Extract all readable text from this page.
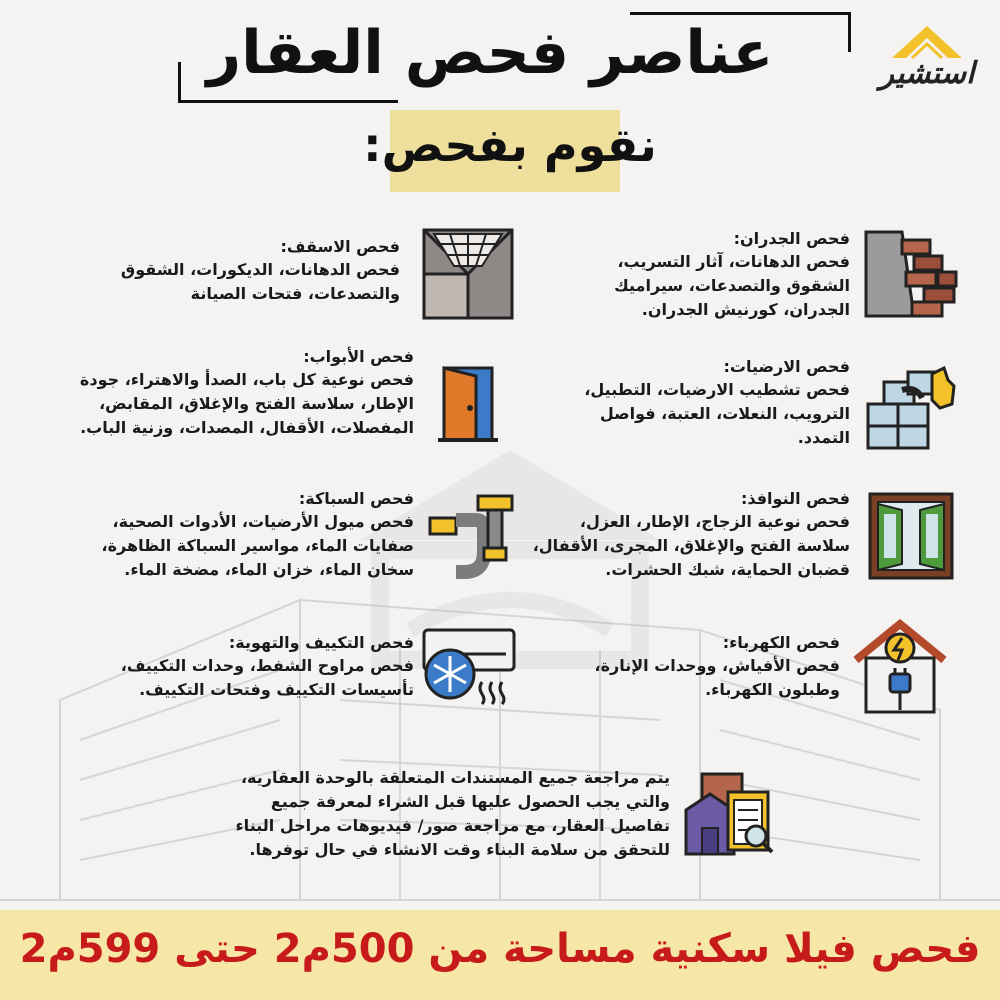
استشير
عناصر فحص العقار
نقوم بفحص:
فحص الجدران:
فحص الدهانات، آثار التسريب،
الشقوق والتصدعات، سيراميك
الجدران، كورنيش الجدران.
فحص الاسقف:
فحص الدهانات، الديكورات، الشقوق
والتصدعات، فتحات الصيانة
فحص الارضيات:
فحص تشطيب الارضيات، التطبيل،
الترويب، النعلات، العتبة، فواصل
التمدد.
فحص الأبواب:
فحص نوعية كل باب، الصدأ والاهتراء، جودة
الإطار، سلاسة الفتح والإغلاق، المقابض،
المفصلات، الأقفال، المصدات، وزنية الباب.
فحص النوافذ:
فحص نوعية الزجاج، الإطار، العزل،
سلاسة الفتح والإغلاق، المجرى، الأقفال،
قضبان الحماية، شبك الحشرات.
فحص السباكة:
فحص ميول الأرضيات، الأدوات الصحية،
صفايات الماء، مواسير السباكة الظاهرة،
سخان الماء، خزان الماء، مضخة الماء.
فحص الكهرباء:
فحص الأفياش، ووحدات الإنارة،
وطبلون الكهرباء.
فحص التكييف والتهوية:
فحص مراوح الشفط، وحدات التكييف،
تأسيسات التكييف وفتحات التكييف.
يتم مراجعة جميع المستندات المتعلقة بالوحدة العقاريه،
والتي يجب الحصول عليها قبل الشراء لمعرفة جميع
تفاصيل العقار، مع مراجعة صور/ فيديوهات مراحل البناء
للتحقق من سلامة البناء وقت الانشاء في حال توفرها.
فحص فيلا سكنية مساحة من 500م2 حتى 599م2
